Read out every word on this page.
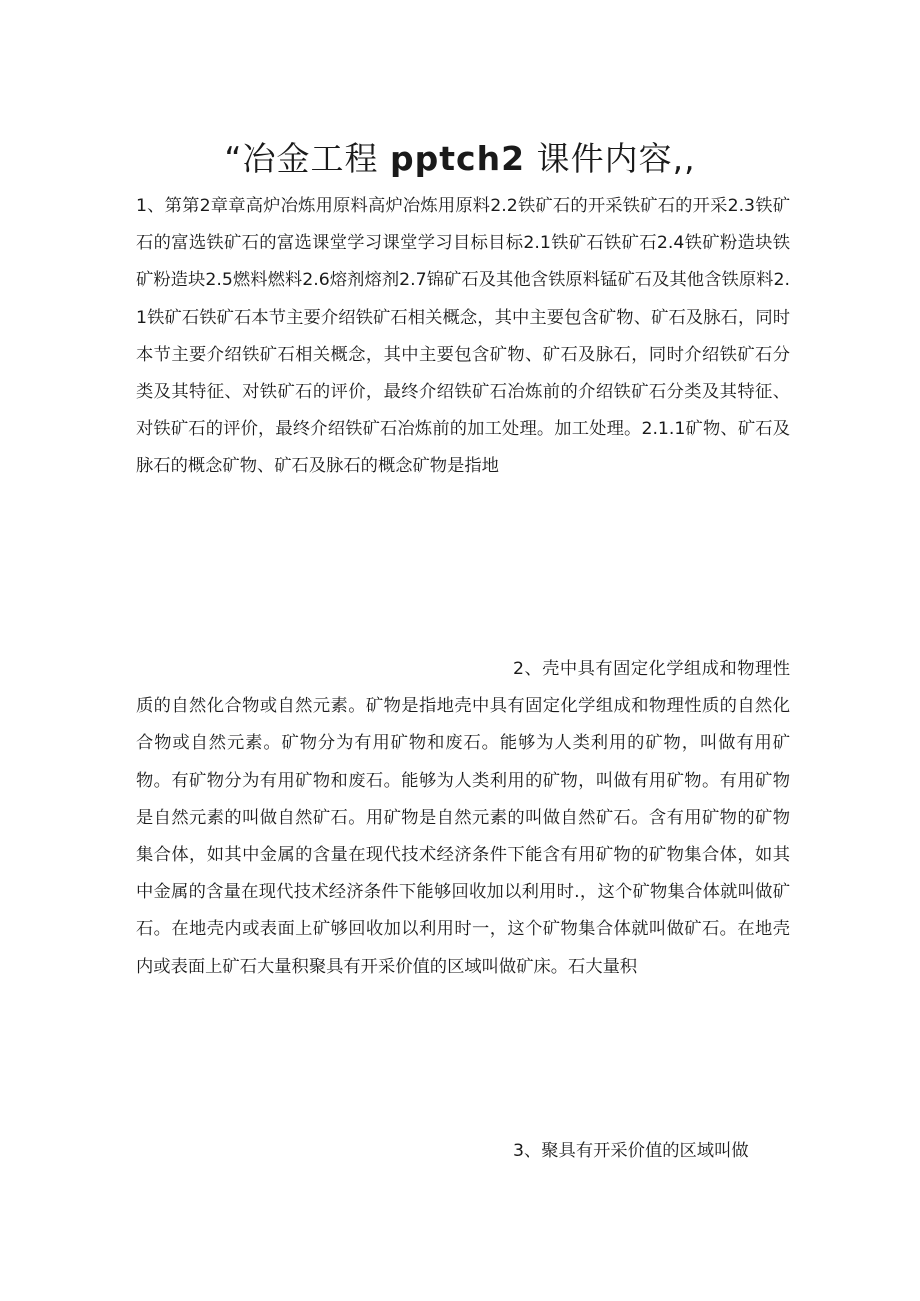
“冶金工程 pptch2 课件内容,,

1、第第2章章高炉冶炼用原料高炉冶炼用原料2.2铁矿石的开采铁矿石的开采2.3铁矿石的富选铁矿石的富选课堂学习课堂学习目标目标2.1铁矿石铁矿石2.4铁矿粉造块铁矿粉造块2.5燃料燃料2.6熔剂熔剂2.7锦矿石及其他含铁原料锰矿石及其他含铁原料2.1铁矿石铁矿石本节主要介绍铁矿石相关概念，其中主要包含矿物、矿石及脉石，同时本节主要介绍铁矿石相关概念，其中主要包含矿物、矿石及脉石，同时介绍铁矿石分类及其特征、对铁矿石的评价，最终介绍铁矿石冶炼前的介绍铁矿石分类及其特征、对铁矿石的评价，最终介绍铁矿石冶炼前的加工处理。加工处理。2.1.1矿物、矿石及脉石的概念矿物、矿石及脉石的概念矿物是指地

2、壳中具有固定化学组成和物理性质的自然化合物或自然元素。矿物是指地壳中具有固定化学组成和物理性质的自然化合物或自然元素。矿物分为有用矿物和废石。能够为人类利用的矿物，叫做有用矿物。有矿物分为有用矿物和废石。能够为人类利用的矿物，叫做有用矿物。有用矿物是自然元素的叫做自然矿石。用矿物是自然元素的叫做自然矿石。含有用矿物的矿物集合体，如其中金属的含量在现代技术经济条件下能含有用矿物的矿物集合体，如其中金属的含量在现代技术经济条件下能够回收加以利用时.，这个矿物集合体就叫做矿石。在地壳内或表面上矿够回收加以利用时一，这个矿物集合体就叫做矿石。在地壳内或表面上矿石大量积聚具有开采价值的区域叫做矿床。石大量积

3、聚具有开采价值的区域叫做
